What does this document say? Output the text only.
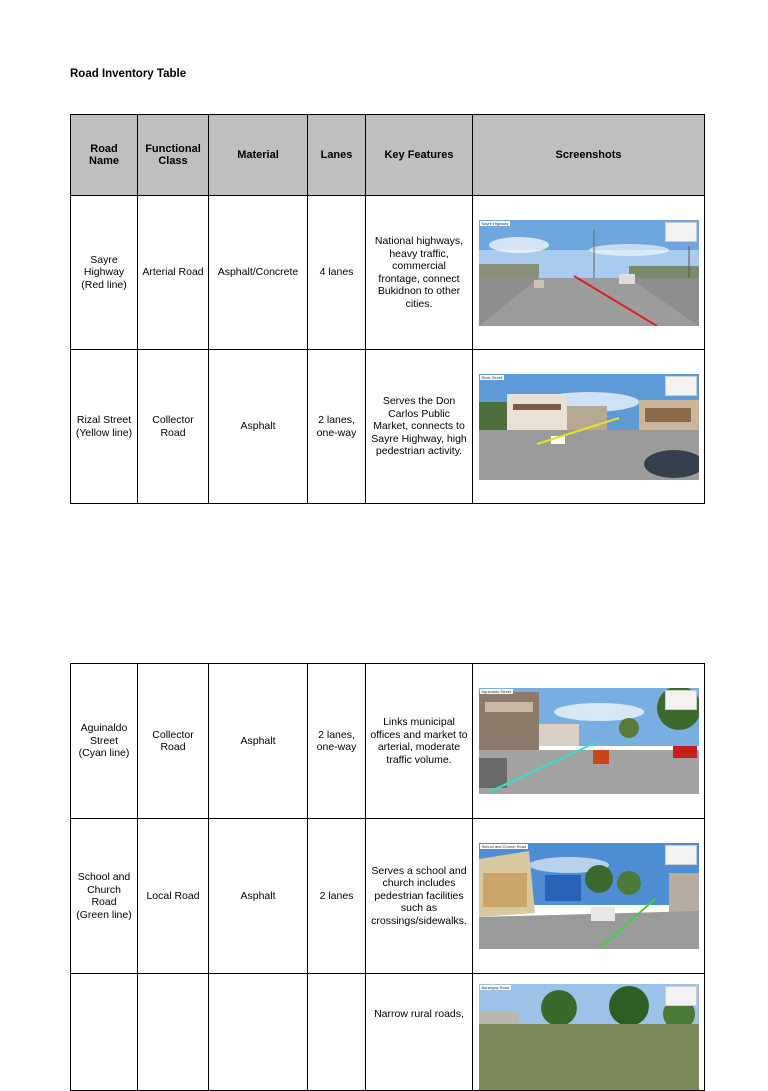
Road Inventory Table
Road Name	Functional Class	Material	Lanes	Key Features	Screenshots
Sayre Highway (Red line)	Arterial Road	Asphalt/Concrete	4 lanes	National highways, heavy traffic, commercial frontage, connect Bukidnon to other cities.	Sayre Highway

Rizal Street (Yellow line)	Collector Road	Asphalt	2 lanes, one-way	Serves the Don Carlos Public Market, connects to Sayre Highway, high pedestrian activity.	Rizal Street
Aguinaldo Street (Cyan line)	Collector Road	Asphalt	2 lanes, one-way	Links municipal offices and market to arterial, moderate traffic volume.	Aguinaldo Street

School and Church Road (Green line)	Local Road	Asphalt	2 lanes	Serves a school and church includes pedestrian facilities such as crossings/sidewalks.	School and Church Road

				Narrow rural roads,	Barangay Road
